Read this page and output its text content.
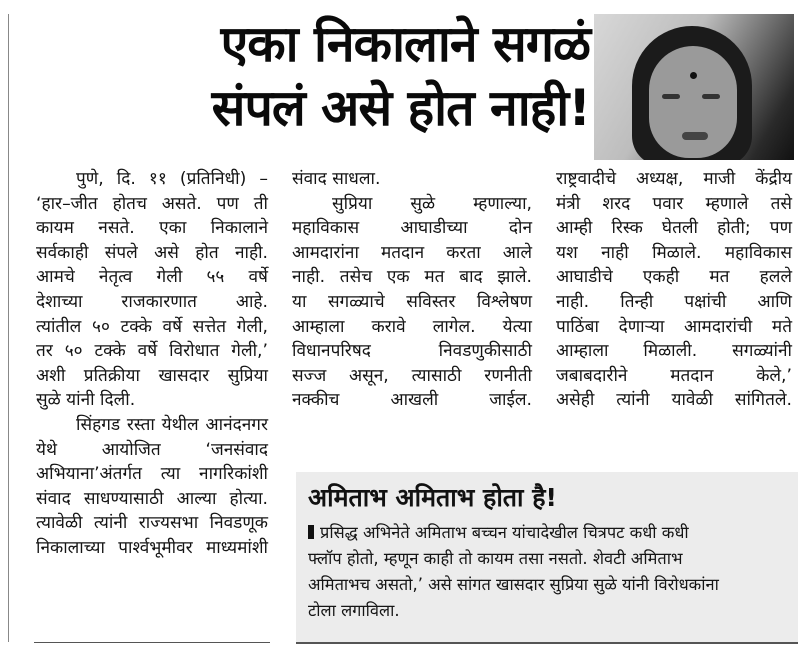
एका निकालाने सगळं
संपलं असे होत नाही!
पुणे, दि. ११ (प्रतिनिधी) –
‘हार–जीत होतच असते. पण ती
कायम नसते. एका निकालाने
सर्वकाही संपले असे होत नाही.
आमचे नेतृत्व गेली ५५ वर्षे
देशाच्या राजकारणात आहे.
त्यांतील ५० टक्के वर्षे सत्तेत गेली,
तर ५० टक्के वर्षे विरोधात गेली,’
अशी प्रतिक्रीया खासदार सुप्रिया
सुळे यांनी दिली.
सिंहगड रस्ता येथील आनंदनगर
येथे आयोजित ‘जनसंवाद
अभियाना’अंतर्गत त्या नागरिकांशी
संवाद साधण्यासाठी आल्या होत्या.
त्यावेळी त्यांनी राज्यसभा निवडणूक
निकालाच्या पार्श्वभूमीवर माध्यमांशी
संवाद साधला.
सुप्रिया सुळे म्हणाल्या,
महाविकास आघाडीच्या दोन
आमदारांना मतदान करता आले
नाही. तसेच एक मत बाद झाले.
या सगळ्याचे सविस्तर विश्लेषण
आम्हाला करावे लागेल. येत्या
विधानपरिषद निवडणुकीसाठी
सज्ज असून, त्यासाठी रणनीती
नक्कीच आखली जाईल.
राष्ट्रवादीचे अध्यक्ष, माजी केंद्रीय
मंत्री शरद पवार म्हणाले तसे
आम्ही रिस्क घेतली होती; पण
यश नाही मिळाले. महाविकास
आघाडीचे एकही मत हलले
नाही. तिन्ही पक्षांची आणि
पाठिंबा देणाऱ्या आमदारांची मते
आम्हाला मिळाली. सगळ्यांनी
जबाबदारीने मतदान केले,’
असेही त्यांनी यावेळी सांगितले.
अमिताभ अमिताभ होता है!
प्रसिद्ध अभिनेते अमिताभ बच्चन यांचादेखील चित्रपट कधी कधी
फ्लॉप होतो, म्हणून काही तो कायम तसा नसतो. शेवटी अमिताभ
अमिताभच असतो,’ असे सांगत खासदार सुप्रिया सुळे यांनी विरोधकांना
टोला लगाविला.
